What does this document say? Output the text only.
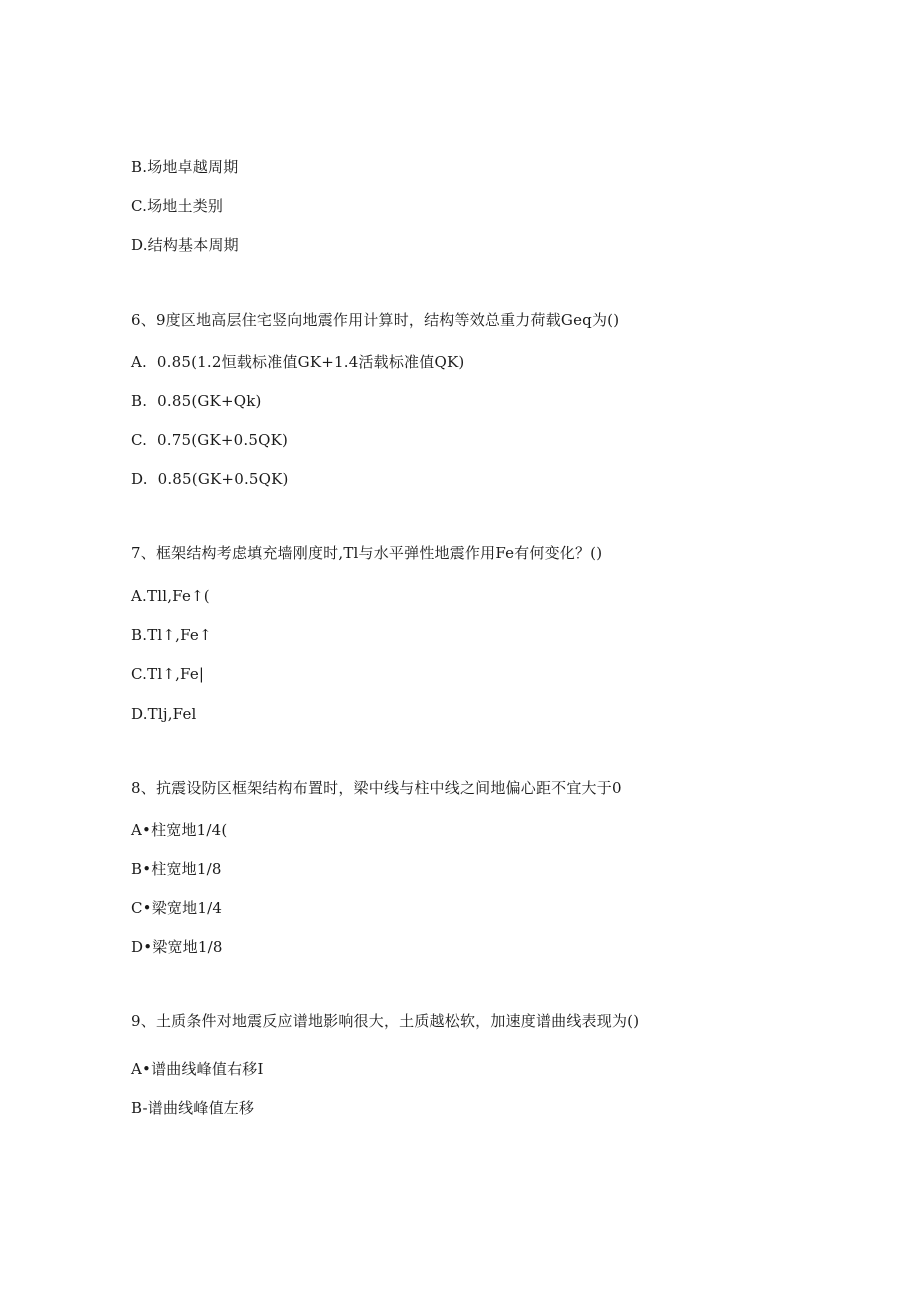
B.场地卓越周期
C.场地土类别
D.结构基本周期
6、9度区地高层住宅竖向地震作用计算时，结构等效总重力荷载Geq为()
A.  0.85(1.2恒载标准值GK+1.4活载标准值QK)
B.  0.85(GK+Qk)
C.  0.75(GK+0.5QK)
D.  0.85(GK+0.5QK)
7、框架结构考虑填充墙刚度时,Tl与水平弹性地震作用Fe有何变化？()
A.Tll,Fe↑(
B.Tl↑,Fe↑
C.Tl↑,Fe|
D.Tlj,Fel
8、抗震设防区框架结构布置时，梁中线与柱中线之间地偏心距不宜大于0
A•柱宽地1/4(
B•柱宽地1/8
C•梁宽地1/4
D•梁宽地1/8
9、土质条件对地震反应谱地影响很大，土质越松软，加速度谱曲线表现为()
A•谱曲线峰值右移I
B-谱曲线峰值左移
